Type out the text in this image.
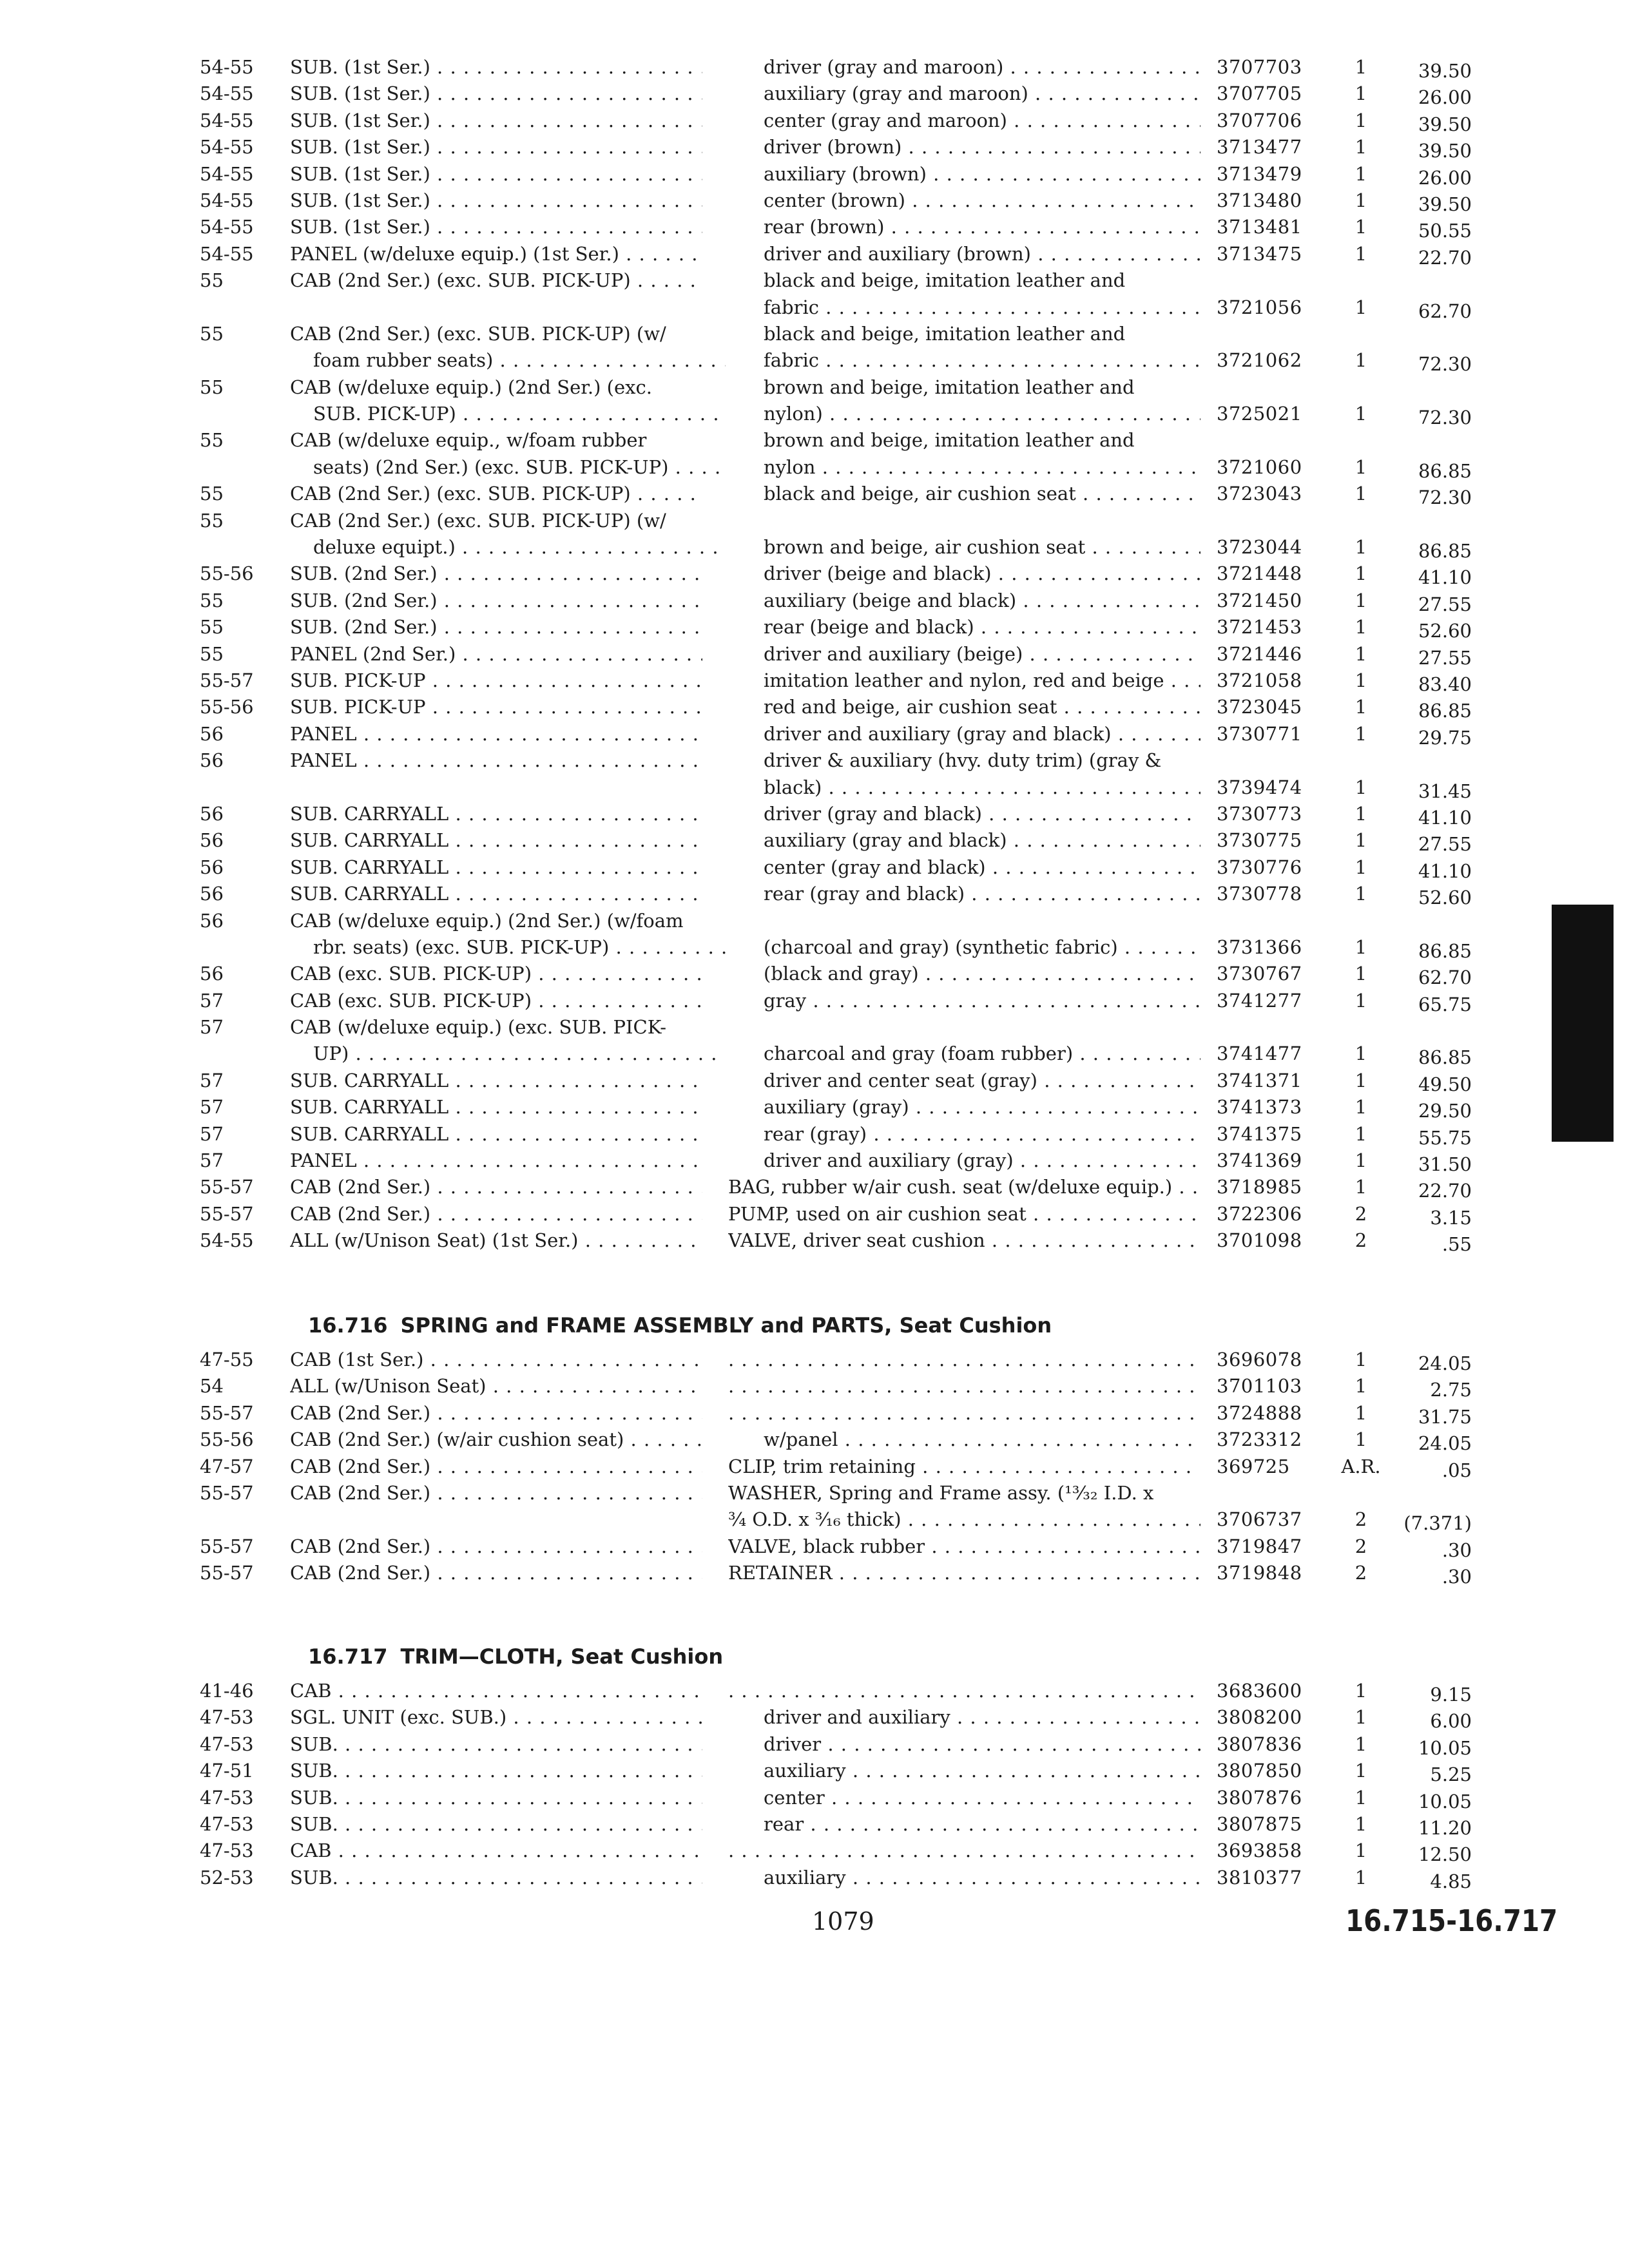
54-55	SUB. (1st Ser.) . . .	driver (gray and maroon) . . .	3707703	1	39.50
54-55	SUB. (1st Ser.) . . .	auxiliary (gray and maroon) . . .	3707705	1	26.00
54-55	SUB. (1st Ser.) . . .	center (gray and maroon) . . .	3707706	1	39.50
54-55	SUB. (1st Ser.) . . .	driver (brown) . . .	3713477	1	39.50
54-55	SUB. (1st Ser.) . . .	auxiliary (brown) . . .	3713479	1	26.00
54-55	SUB. (1st Ser.) . . .	center (brown) . . .	3713480	1	39.50
54-55	SUB. (1st Ser.) . . .	rear (brown) . . .	3713481	1	50.55
54-55	PANEL (w/deluxe equip.) (1st Ser.) . . .	driver and auxiliary (brown) . . .	3713475	1	22.70
55	CAB (2nd Ser.) (exc. SUB. PICK-UP) . . .	black and beige, imitation leather and
fabric . . .	3721056	1	62.70
55	CAB (2nd Ser.) (exc. SUB. PICK-UP) (w/	black and beige, imitation leather and
foam rubber seats) . . .	fabric . . .	3721062	1	72.30
55	CAB (w/deluxe equip.) (2nd Ser.) (exc.	brown and beige, imitation leather and
SUB. PICK-UP) . . .	nylon) . . .	3725021	1	72.30
55	CAB (w/deluxe equip., w/foam rubber	brown and beige, imitation leather and
seats) (2nd Ser.) (exc. SUB. PICK-UP) . . .	nylon . . .	3721060	1	86.85
55	CAB (2nd Ser.) (exc. SUB. PICK-UP) . . .	black and beige, air cushion seat . . .	3723043	1	72.30
55	CAB (2nd Ser.) (exc. SUB. PICK-UP) (w/
deluxe equipt.) . . .	brown and beige, air cushion seat . . .	3723044	1	86.85
55-56	SUB. (2nd Ser.) . . .	driver (beige and black) . . .	3721448	1	41.10
55	SUB. (2nd Ser.) . . .	auxiliary (beige and black) . . .	3721450	1	27.55
55	SUB. (2nd Ser.) . . .	rear (beige and black) . . .	3721453	1	52.60
55	PANEL (2nd Ser.) . . .	driver and auxiliary (beige) . . .	3721446	1	27.55
55-57	SUB. PICK-UP . . .	imitation leather and nylon, red and beige . . .	3721058	1	83.40
55-56	SUB. PICK-UP . . .	red and beige, air cushion seat . . .	3723045	1	86.85
56	PANEL . . .	driver and auxiliary (gray and black) . . .	3730771	1	29.75
56	PANEL . . .	driver & auxiliary (hvy. duty trim) (gray &
black) . . .	3739474	1	31.45
56	SUB. CARRYALL . . .	driver (gray and black) . . .	3730773	1	41.10
56	SUB. CARRYALL . . .	auxiliary (gray and black) . . .	3730775	1	27.55
56	SUB. CARRYALL . . .	center (gray and black) . . .	3730776	1	41.10
56	SUB. CARRYALL . . .	rear (gray and black) . . .	3730778	1	52.60
56	CAB (w/deluxe equip.) (2nd Ser.) (w/foam
rbr. seats) (exc. SUB. PICK-UP) . . .	(charcoal and gray) (synthetic fabric) . . .	3731366	1	86.85
56	CAB (exc. SUB. PICK-UP) . . .	(black and gray) . . .	3730767	1	62.70
57	CAB (exc. SUB. PICK-UP) . . .	gray . . .	3741277	1	65.75
57	CAB (w/deluxe equip.) (exc. SUB. PICK-
UP) . . .	charcoal and gray (foam rubber) . . .	3741477	1	86.85
57	SUB. CARRYALL . . .	driver and center seat (gray) . . .	3741371	1	49.50
57	SUB. CARRYALL . . .	auxiliary (gray) . . .	3741373	1	29.50
57	SUB. CARRYALL . . .	rear (gray) . . .	3741375	1	55.75
57	PANEL . . .	driver and auxiliary (gray) . . .	3741369	1	31.50
55-57	CAB (2nd Ser.) . . .	BAG, rubber w/air cush. seat (w/deluxe equip.) . . .	3718985	1	22.70
55-57	CAB (2nd Ser.) . . .	PUMP, used on air cushion seat . . .	3722306	2	3.15
54-55	ALL (w/Unison Seat) (1st Ser.) . . .	VALVE, driver seat cushion . . .	3701098	2	.55
16.716 SPRING and FRAME ASSEMBLY and PARTS, Seat Cushion
47-55	CAB (1st Ser.) . . . . . .	3696078	1	24.05
54	ALL (w/Unison Seat) . . . . . .	3701103	1	2.75
55-57	CAB (2nd Ser.) . . . . . .	3724888	1	31.75
55-56	CAB (2nd Ser.) (w/air cushion seat) . . .	w/panel . . .	3723312	1	24.05
47-57	CAB (2nd Ser.) . . .	CLIP, trim retaining . . .	369725	A.R.	.05
55-57	CAB (2nd Ser.) . . .	WASHER, Spring and Frame assy. (¹³⁄₃₂ I.D. x
¾ O.D. x ³⁄₁₆ thick) . . .	3706737	2	(7.371)
55-57	CAB (2nd Ser.) . . .	VALVE, black rubber . . .	3719847	2	.30
55-57	CAB (2nd Ser.) . . .	RETAINER . . .	3719848	2	.30
16.717 TRIM—CLOTH, Seat Cushion
41-46	CAB . . . . . .	3683600	1	9.15
47-53	SGL. UNIT (exc. SUB.) . . .	driver and auxiliary . . .	3808200	1	6.00
47-53	SUB. . . .	driver . . .	3807836	1	10.05
47-51	SUB. . . .	auxiliary . . .	3807850	1	5.25
47-53	SUB. . . .	center . . .	3807876	1	10.05
47-53	SUB. . . .	rear . . .	3807875	1	11.20
47-53	CAB . . . . . .	3693858	1	12.50
52-53	SUB. . . .	auxiliary . . .	3810377	1	4.85
1079	16.715-16.717
